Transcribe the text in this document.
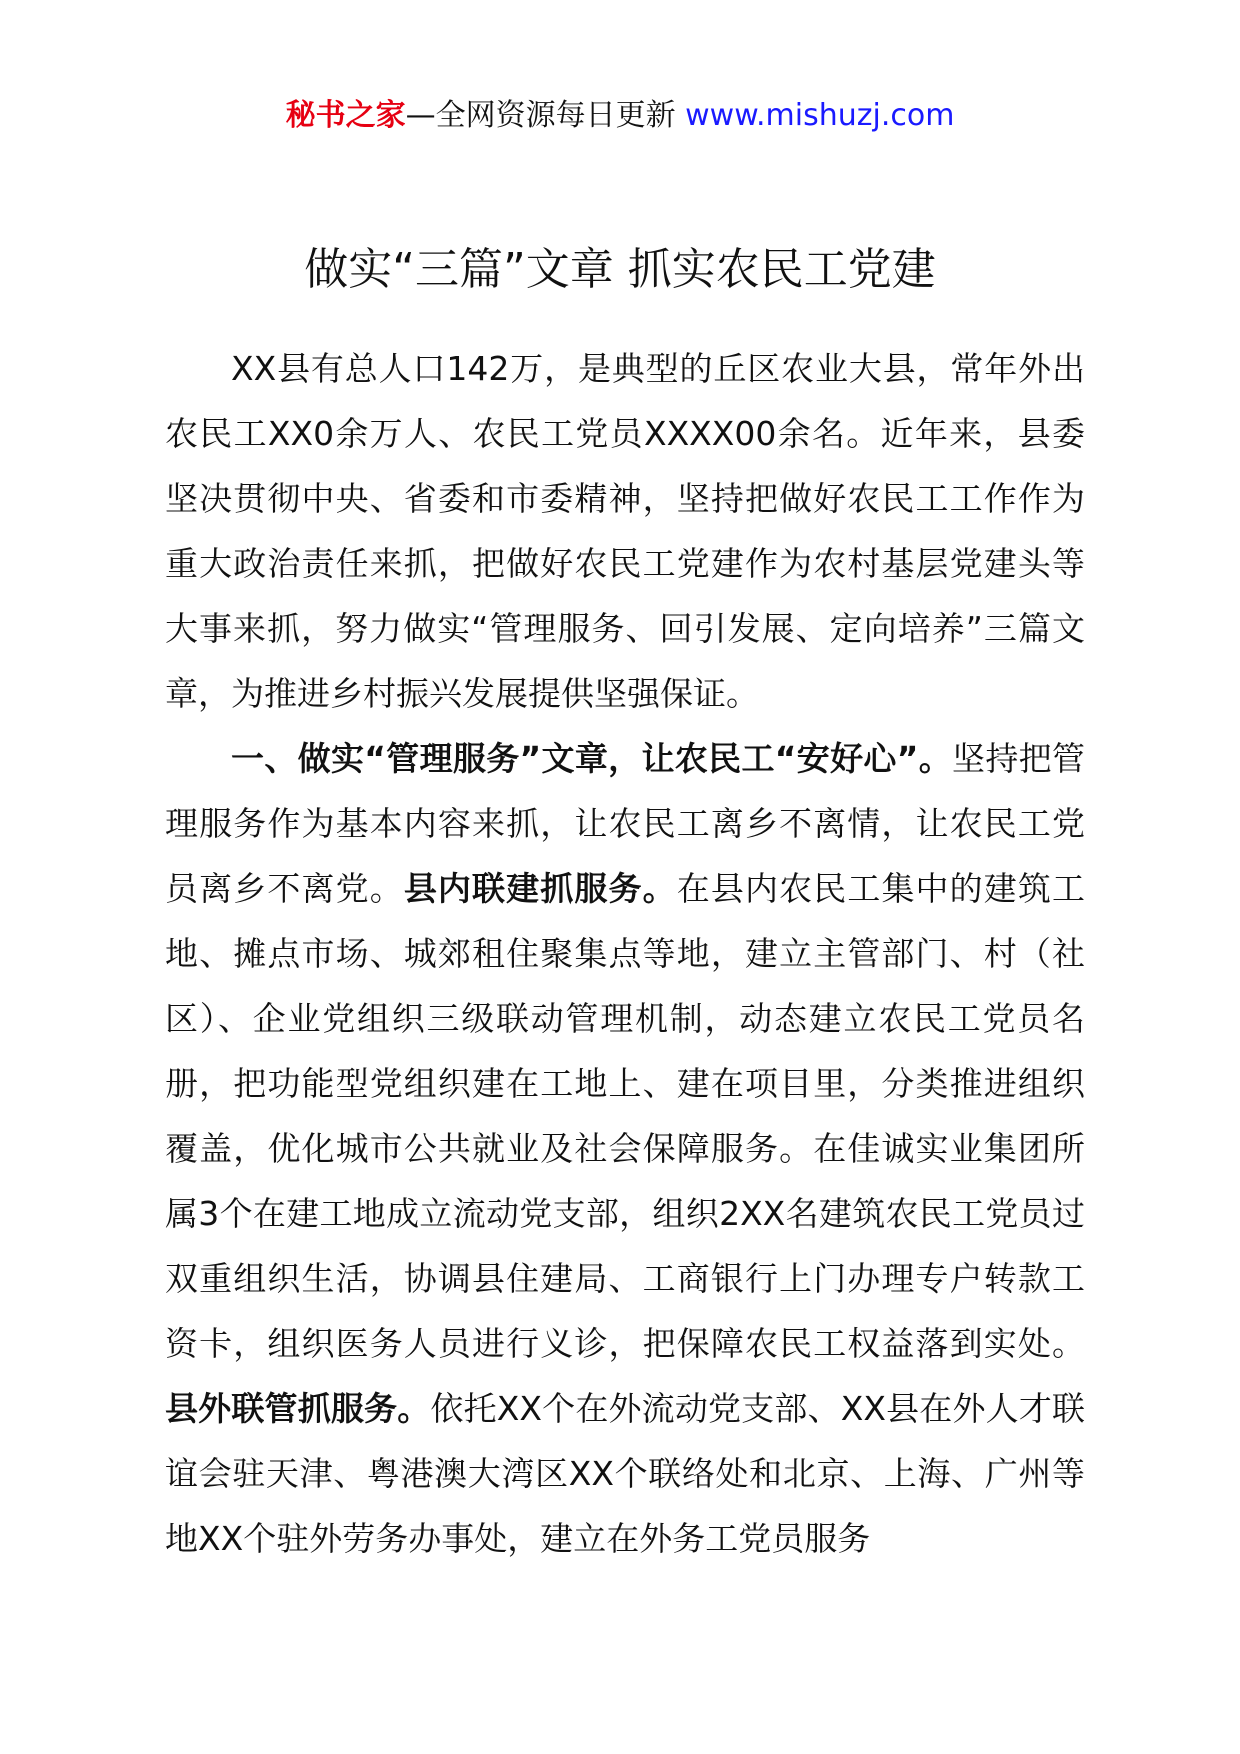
秘书之家—全网资源每日更新 www.mishuzj.com
做实“三篇”文章 抓实农民工党建

XX县有总人口142万，是典型的丘区农业大县，常年外出农民工XX0余万人、农民工党员XXXX00余名。近年来，县委坚决贯彻中央、省委和市委精神，坚持把做好农民工工作作为重大政治责任来抓，把做好农民工党建作为农村基层党建头等大事来抓，努力做实“管理服务、回引发展、定向培养”三篇文章，为推进乡村振兴发展提供坚强保证。

一、做实“管理服务”文章，让农民工“安好心”。坚持把管理服务作为基本内容来抓，让农民工离乡不离情，让农民工党员离乡不离党。县内联建抓服务。在县内农民工集中的建筑工地、摊点市场、城郊租住聚集点等地，建立主管部门、村（社区）、企业党组织三级联动管理机制，动态建立农民工党员名册，把功能型党组织建在工地上、建在项目里，分类推进组织覆盖，优化城市公共就业及社会保障服务。在佳诚实业集团所属3个在建工地成立流动党支部，组织2XX名建筑农民工党员过双重组织生活，协调县住建局、工商银行上门办理专户转款工资卡，组织医务人员进行义诊，把保障农民工权益落到实处。县外联管抓服务。依托XX个在外流动党支部、XX县在外人才联谊会驻天津、粤港澳大湾区XX个联络处和北京、上海、广州等地XX个驻外劳务办事处，建立在外务工党员服务
